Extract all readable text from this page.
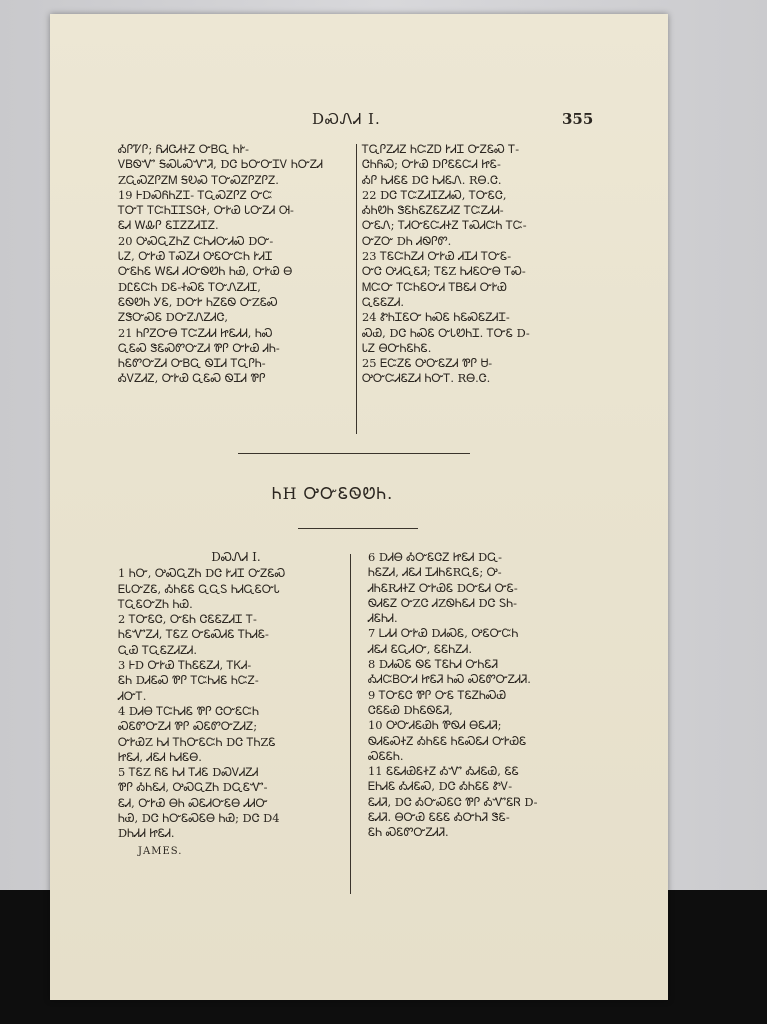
DᏍᏁᏗ I.	355

ᎣᎵᏤᎵ; ᏲᏗᏣᏗᏐᏃ ᏅᏴᏩ ᏂᎨ-

ᏙᏴᏫᏉ ᎦᏍᏓᏍᏉᏘ, DᏣ ᏏᏅᏅᏆᏙ ᏂᏅᏃᏗ

ZᏩᏍᏃᎵᏃᎷ ᎦᎧᏍ ᎢᏅᏍᏃᎵᏃᎵᏃ.

19 ᎰDᏍᏲᏂᏃᏆ- ᎢᏩᏍᏃᎵᏃ ᏅᏨ

ᎢᏅᎢ ᎢᏨᏂᏆᏆᏚᏣᏐ, ᏅᎨᏯ ᏓᏅᏃᏗ Ꮊ-

ᏋᏗ ᎳᎲᎵ ᏋᏆᏃᏃᏗᏆᏃ.

20 ᎤᏍᏩᏃᏂᏃ ᏨᏂᏗᏅᏗᏍ DᏅ-

ᏓᏃ, ᏅᎨᏯ ᎢᏍᏃᏗ ᎤᏋᏅᏨᏂ ᎨᏗᏆ

ᏅᏋᏂᏋ ᎳᏋᏗ ᏗᏅᏫᏬᏂ ᏂᏯ, ᏅᎨᏯ Ꮎ

DᏝᏋᏨᏂ DᏋ-ᏐᏍᏋ ᎢᏅᏁᏃᏗᏆ,

ᏋᏫᏬᏂ ᎩᏋ, DᏅᎨ ᏂᏃᏋᏫ ᏅZᏋᏍ

ᏃᏕᏅᏍᏋ DᏅᏃᏁᏃᏗᏣ,

21 ᏂᎵᏃᏅᎾ ᎢᏨᏃᏗᏗ ᏥᏋᏗᏗ, ᏂᏍ

ᏩᏋᏍ ᏕᏋᏍᏛᏅᏃᏗ ᏈᎵ ᏅᎨᏯ ᏗᏂ-

ᏂᏋᏛᏅᏃᏗ ᏅᏴᏩ ᏫᏆᏗ ᎢᏩᎵᏂ-

ᎣᏙᏃᏗᏃ, ᏅᎨᏯ ᏩᏋᏍ ᏫᏆᏗ ᏈᎵ

ᎢᏩᎵᏃᏗᏃ ᏂᏨᏃᎠ ᎨᏗᏆ ᏅᏃᏋᏍ Ꭲ-

ᏣᏂᏲᏍ; ᏅᎨᏯ DᎵᏋᏋᏨᏗ ᏥᏋ-

ᎣᎵ ᏂᏗᏋᏋ DᏣ ᏂᏗᏋᏁ. RᎾ.Ꮳ.

22 DᏣ ᎢᏨᏃᏗᏆᏃᏗᏍ, ᎢᏅᏋᏣ,

ᎣᏂᏬᏂ ᏕᏋᏂᏋᏃᏋᏃᏗᏃ ᎢᏨᏃᏗᏗ-

ᏅᏋᏁ; ᎢᏗᏅᏋᏨᏗᏐᏃ ᎢᏍᏗᏨᏂ ᎢᏨ-

ᏅᏃᏅ DᏂ ᏗᏫᎵᏛ.

23 ᎢᏋᏨᏂᏃᏗ ᏅᎨᏯ ᏗᏆᏗ ᎢᏅᏋ-

ᏅᏣ ᎤᏗᏩᏋᏘ; ᎢᏋZ ᏂᏗᏋᏅᎾ ᎢᏍ-

ᎷᏨᏅ ᎢᏨᏂᏋᏅᏗ ᎢᏴᏋᏗ ᏅᎨᏯ

ᏩᏋᏋᏃᏗ.

24 ᏑᏂᏆᏋᏅ ᏂᏍᏋ ᏂᏋᏍᏋᏃᏗᏆ-

ᏍᏯ, DᏣ ᏂᏍᏋ ᏅᏓᏬᏂᏆ. ᎢᏅᏋ D-

ᏓᏃ ᎾᏅᏂᏋᏂᏋ.

25 ᎬᏨᏃᏋ ᎤᏅᏋᏃᏗ ᏈᎵ Ꮜ-

ᎤᏅᏨᏗᏋᏃᏗ ᏂᏅᎢ. RᎾ.Ꮳ.

ᏂH ᎤᏅᏋᏫᏬᏂ.

DᏍᏁᏗ I.

1 ᏂᏅ, ᎤᏍᏩᏃᏂ DᏣ ᎨᏗᏆ ᏅᏃᏋᏍ

ᎬᏓᏅᏃᏋ, ᎣᏂᏋᏋ ᏩᏩᏚ ᏂᏗᏩᏋᏅᏓ

ᎢᏩᏋᏅᏃᏂ ᏂᏯ.

2 ᎢᏅᏋᏣ, ᏅᏋᏂ ᏣᏋᏋᏃᏗᏆ Ꭲ-

ᏂᏋᏉᏃᏗ, ᎢᏋZ ᏅᏋᏍᏗᏋ ᎢᏂᏗᏋ-

ᏩᏯ ᎢᏩᏋᏃᏗᏃᏗ.

3 ᎰD ᏅᎨᏯ ᎢᏂᏋᏋᏃᏗ, ᎢᏦᏗ-

ᏋᏂ DᏗᏋᏍ ᏈᎵ ᎢᏨᏂᏗᏋ ᏂᏨᏃ-

ᏗᏅᎢ.

4 DᏗᎾ ᎢᏨᏂᏗᏋ ᏈᎵ ᏣᏅᏋᏨᏂ

ᏍᏋᏛᏅᏃᏗ ᏈᎵ ᏍᏋᏛᏅᏃᏗᏃ;

ᏅᎨᏯZ ᏂᏗ ᎢᏂᏅᏋᏨᏂ DᏣ ᎢᏂZᏋ

ᏥᏋᏗ, ᏗᏋᏗ ᏂᏗᏋᎾ.

5 ᎢᏋZ ᏲᏋ ᏂᏗ ᎢᏗᏋ DᏍᏙᏗᏃᏗ

ᏈᎵ ᎣᏂᏋᏗ, ᎤᏍᏩᏃᏂ DᏩᏋᏉ-

ᏋᏗ, ᏅᎨᏯ ᎾᏂ ᏍᏋᏗᏅᏋᎾ ᏗᏗᏅ

ᏂᏯ, DᏣ ᏂᏅᏋᏍᏋᎾ ᏂᏯ; DᏣ D4

DᏂᏗᏗ ᏥᏋᏗ.

JAMES.

6 DᏗᎾ ᎣᏅᏋᏣᏃ ᏥᏋᏗ DᏩ-

ᏂᏋᏃᏗ, ᏗᏋᏗ ᏆᏗᏂᏋRᏩᏋ; Ꭴ-

ᏗᏂᏋRᏗᏐᏃ ᏅᎨᏯᏋ DᏅᏋᏗ ᏅᏋ-

ᏫᏗᏋᏃ ᏅZᏣ ᏗZᏫᏂᏋᏗ DᏣ ᏚᏂ-

ᏗᏋᏂᏗ.

7 ᏞᏗᏗ ᏅᎨᏯ DᏗᏍᏋ, ᎤᏋᏅᏨᏂ

ᏗᏋᏗ ᏋᏩᏗᏅ, ᏋᏋᏂᏃᏗ.

8 DᏗᏍᏋ ᏫᏋ ᎢᏋᏂᏗ ᏅᏂᏋᏘ

ᎣᏗᏨᏴᏅᏗ ᏥᏋᏘ ᏂᏍ ᏍᏋᏛᏅᏃᏗᏘ.

9 ᎢᏅᏋᏣ ᏈᎵ ᏅᏋ ᎢᏋᏃᏂᏍᏯ

ᏣᏋᏋᏯ DᏂᏋᏫᏋᏘ,

10 ᎤᏅᏗᏋᏯᏂ ᏈᏫᏗ ᎾᏋᏗᏘ;

ᏫᏗᏋᏍᏐᏃ ᎣᏂᏋᏋ ᏂᏋᏍᏋᏗ ᏅᎨᏯᏋ

ᏍᏋᏋᏂ.

11 ᏋᏋᏗᏯᏋᏐᏃ ᎣᏉ ᎣᏗᏋᏯ, ᏋᏋ

ᎬᏂᏗᏋ ᎣᏗᏋᏍ, DᏣ ᎣᏂᏋᏋ ᏑᏙ-

ᏋᏗᏘ, DᏣ ᎣᏅᏍᏋᏣ ᏈᎵ ᎣᏉᏋᏒ D-

ᏋᏗᏘ. ᎾᏅᏯ ᏋᏋᏋ ᎣᏅᏂᏘ ᏕᏋ-

ᏋᏂ ᏍᏋᏛᏅᏃᏗᏘ.
